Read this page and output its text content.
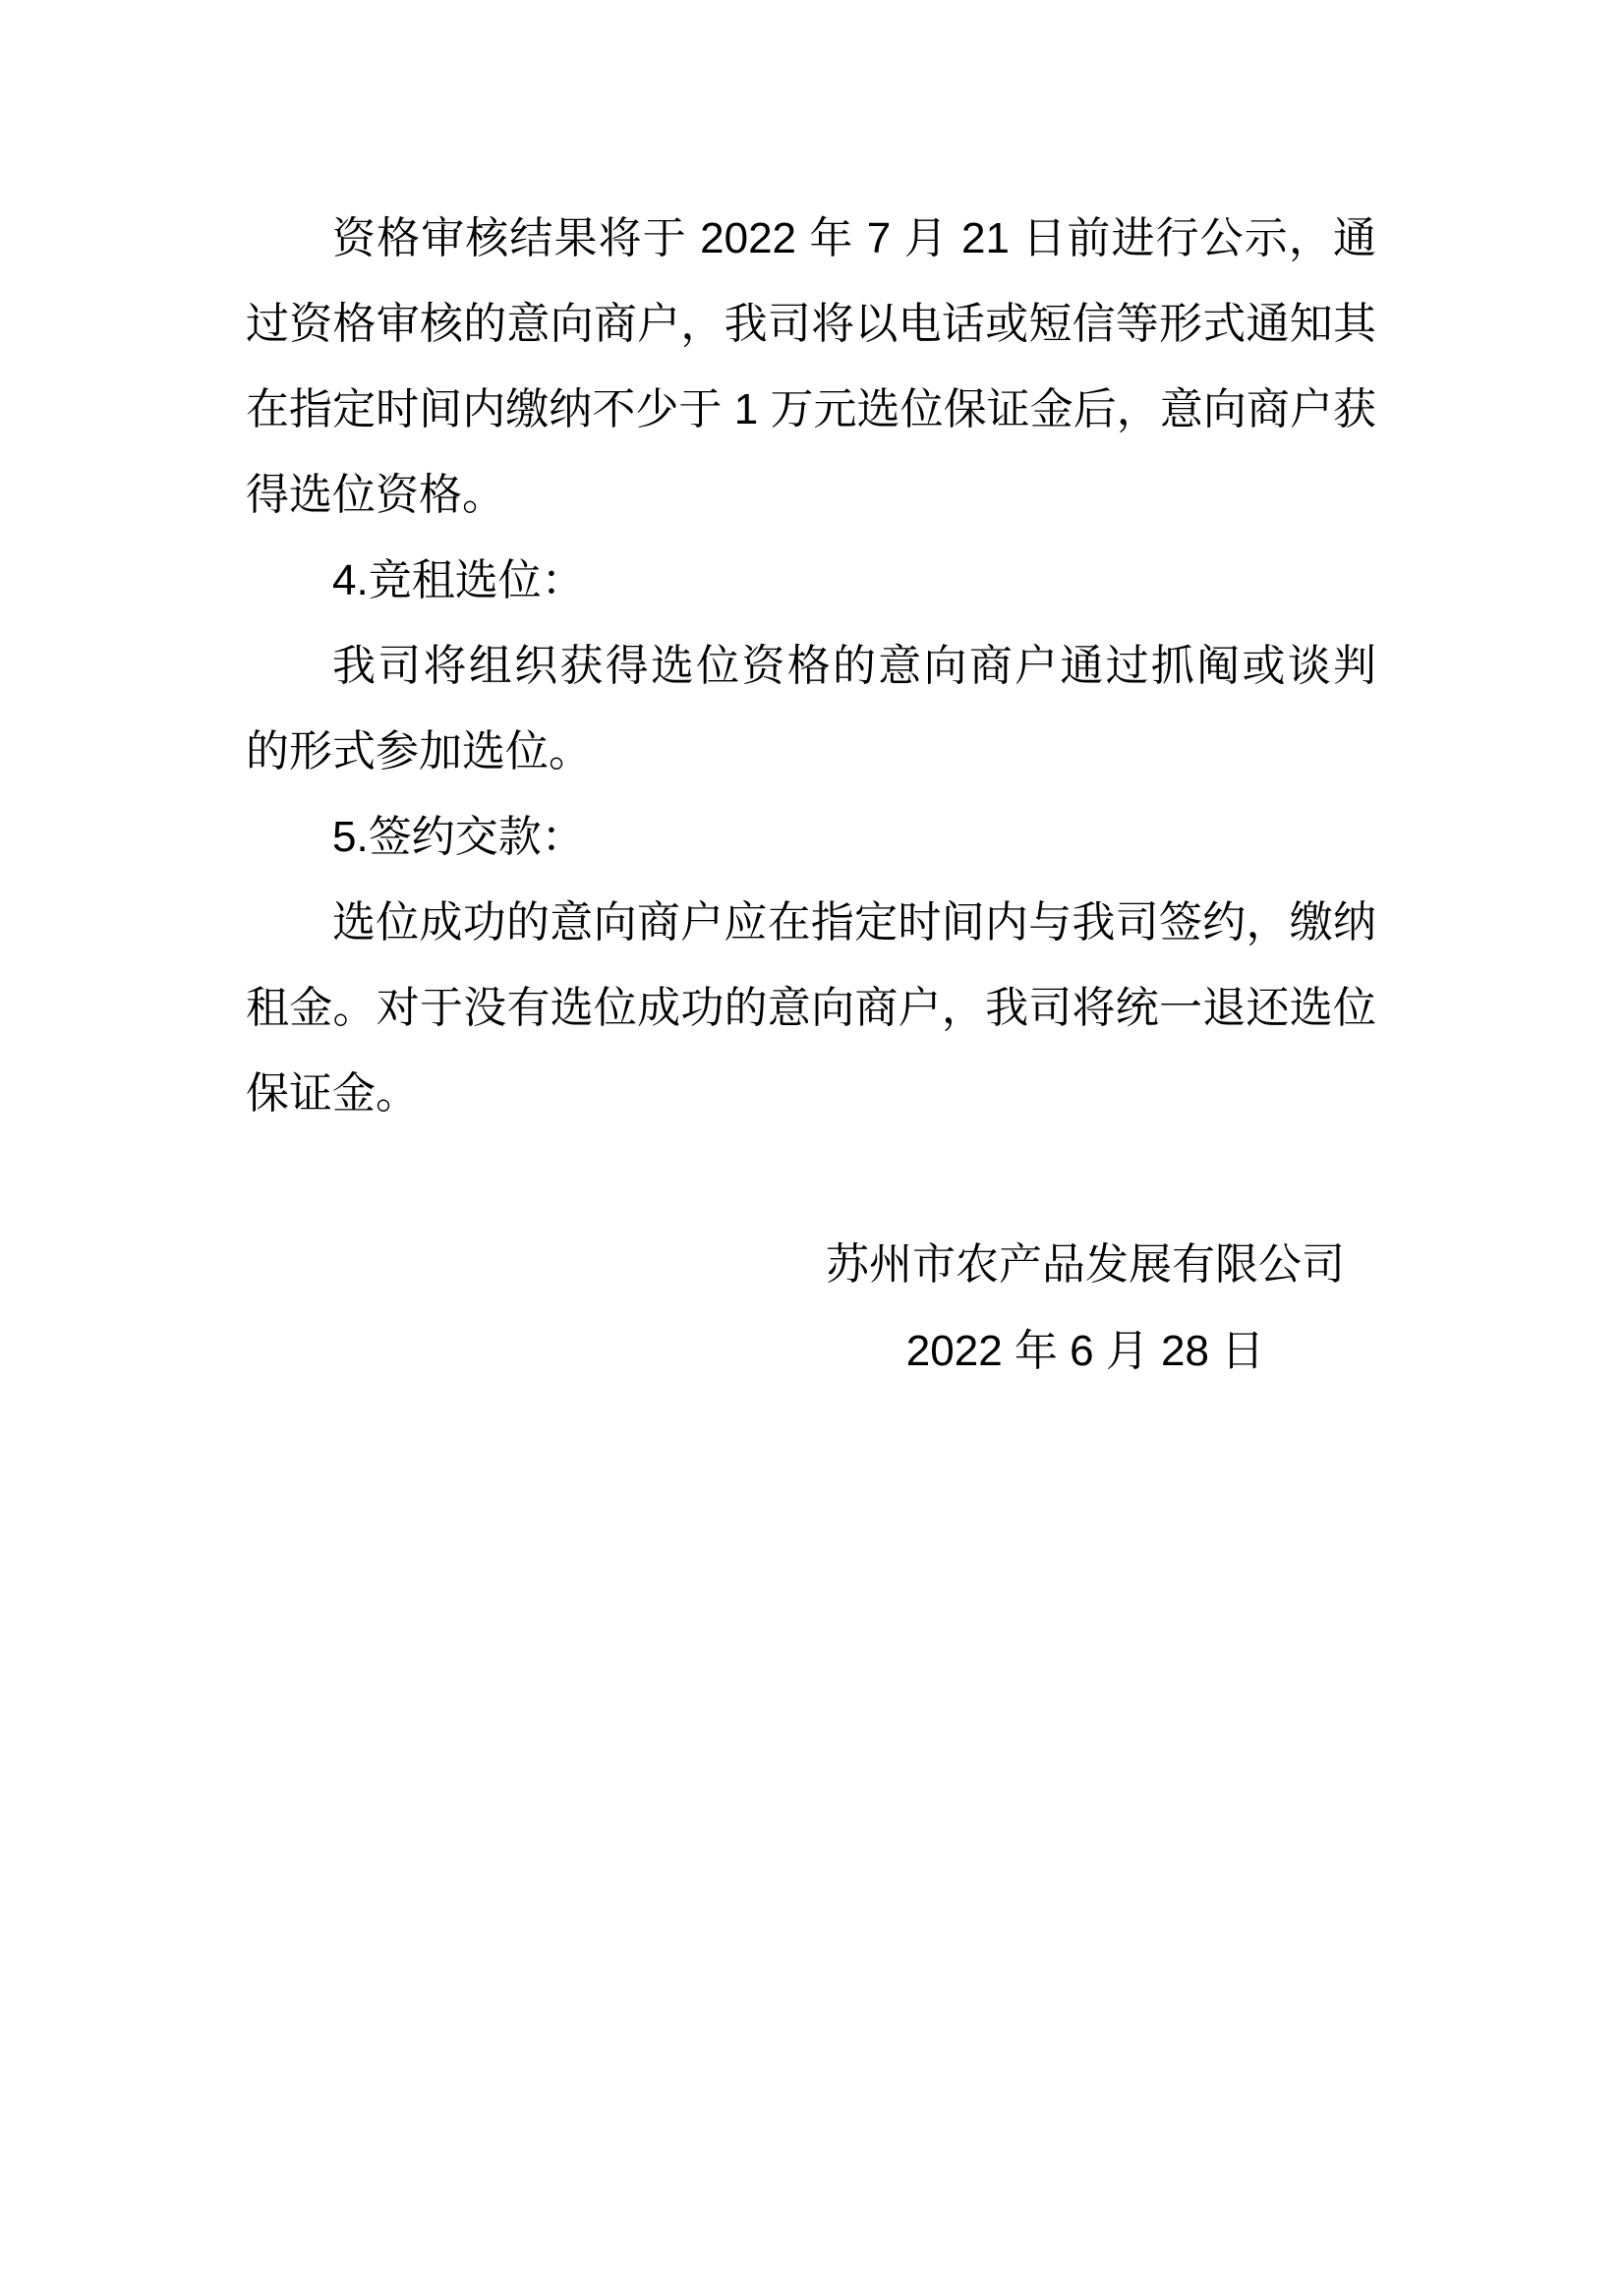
资格审核结果将于 2022 年 7 月 21 日前进行公示，通

过资格审核的意向商户，我司将以电话或短信等形式通知其

在指定时间内缴纳不少于 1 万元选位保证金后，意向商户获

得选位资格。

4.竞租选位：

我司将组织获得选位资格的意向商户通过抓阄或谈判

的形式参加选位。

5.签约交款：

选位成功的意向商户应在指定时间内与我司签约，缴纳

租金。对于没有选位成功的意向商户，我司将统一退还选位

保证金。

苏州市农产品发展有限公司

2022 年 6 月 28 日
